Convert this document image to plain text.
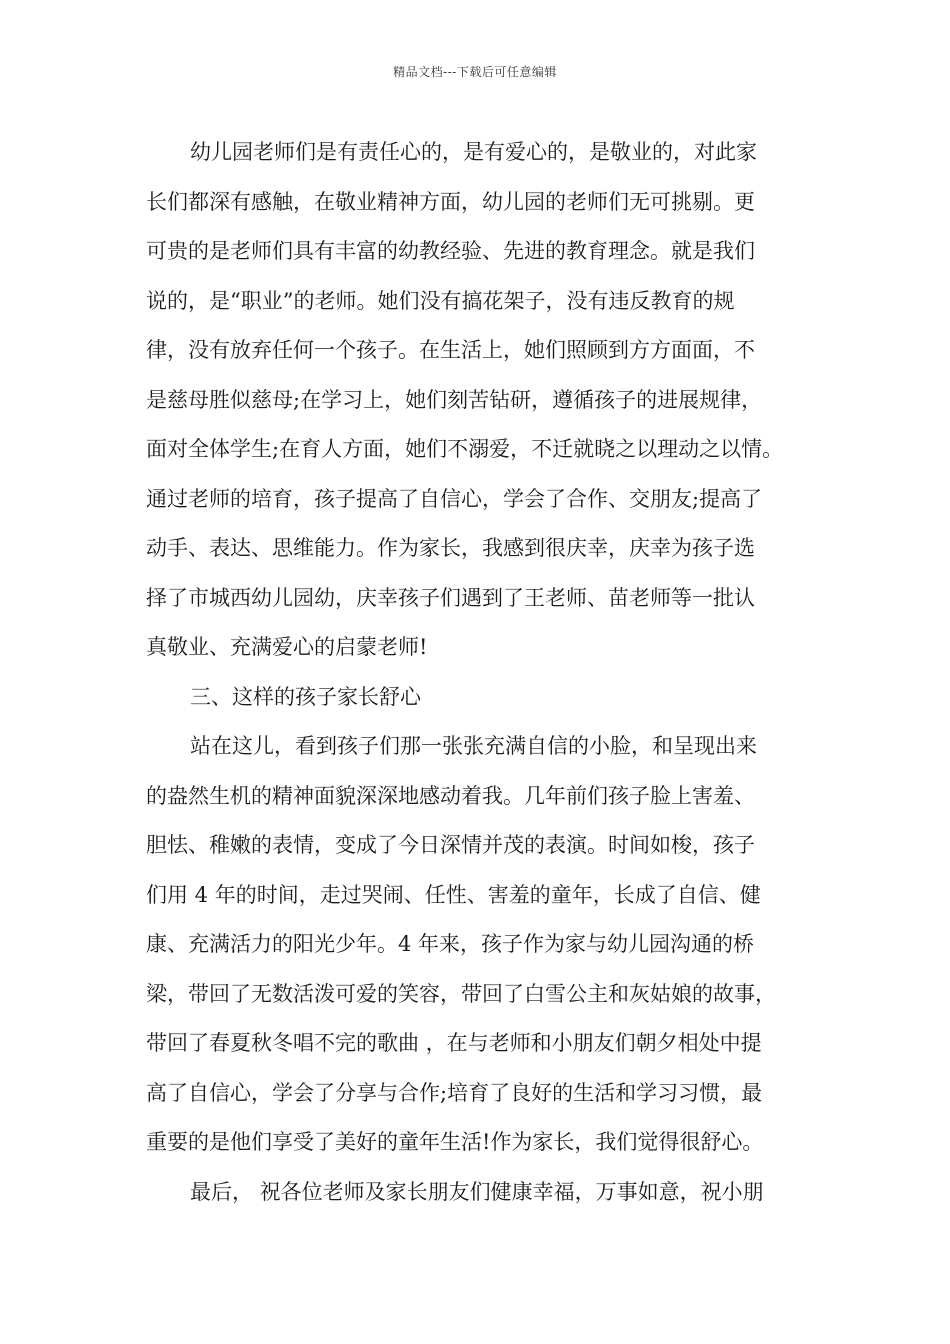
精品文档---下载后可任意编辑
幼儿园老师们是有责任心的，是有爱心的，是敬业的，对此家
长们都深有感触，在敬业精神方面，幼儿园的老师们无可挑剔。更
可贵的是老师们具有丰富的幼教经验、先进的教育理念。就是我们
说的，是“职业”的老师。她们没有搞花架子，没有违反教育的规
律，没有放弃任何一个孩子。在生活上，她们照顾到方方面面，不
是慈母胜似慈母;在学习上，她们刻苦钻研，遵循孩子的进展规律，
面对全体学生;在育人方面，她们不溺爱，不迁就晓之以理动之以情。
通过老师的培育，孩子提高了自信心，学会了合作、交朋友;提高了
动手、表达、思维能力。作为家长，我感到很庆幸，庆幸为孩子选
择了市城西幼儿园幼，庆幸孩子们遇到了王老师、苗老师等一批认
真敬业、充满爱心的启蒙老师!
三、这样的孩子家长舒心
站在这儿，看到孩子们那一张张充满自信的小脸，和呈现出来
的盎然生机的精神面貌深深地感动着我。几年前们孩子脸上害羞、
胆怯、稚嫩的表情，变成了今日深情并茂的表演。时间如梭，孩子
们用 4 年的时间，走过哭闹、任性、害羞的童年，长成了自信、健
康、充满活力的阳光少年。4 年来，孩子作为家与幼儿园沟通的桥
梁，带回了无数活泼可爱的笑容，带回了白雪公主和灰姑娘的故事，
带回了春夏秋冬唱不完的歌曲 ，在与老师和小朋友们朝夕相处中提
高了自信心，学会了分享与合作;培育了良好的生活和学习习惯，最
重要的是他们享受了美好的童年生活!作为家长，我们觉得很舒心。
最后， 祝各位老师及家长朋友们健康幸福，万事如意，祝小朋
